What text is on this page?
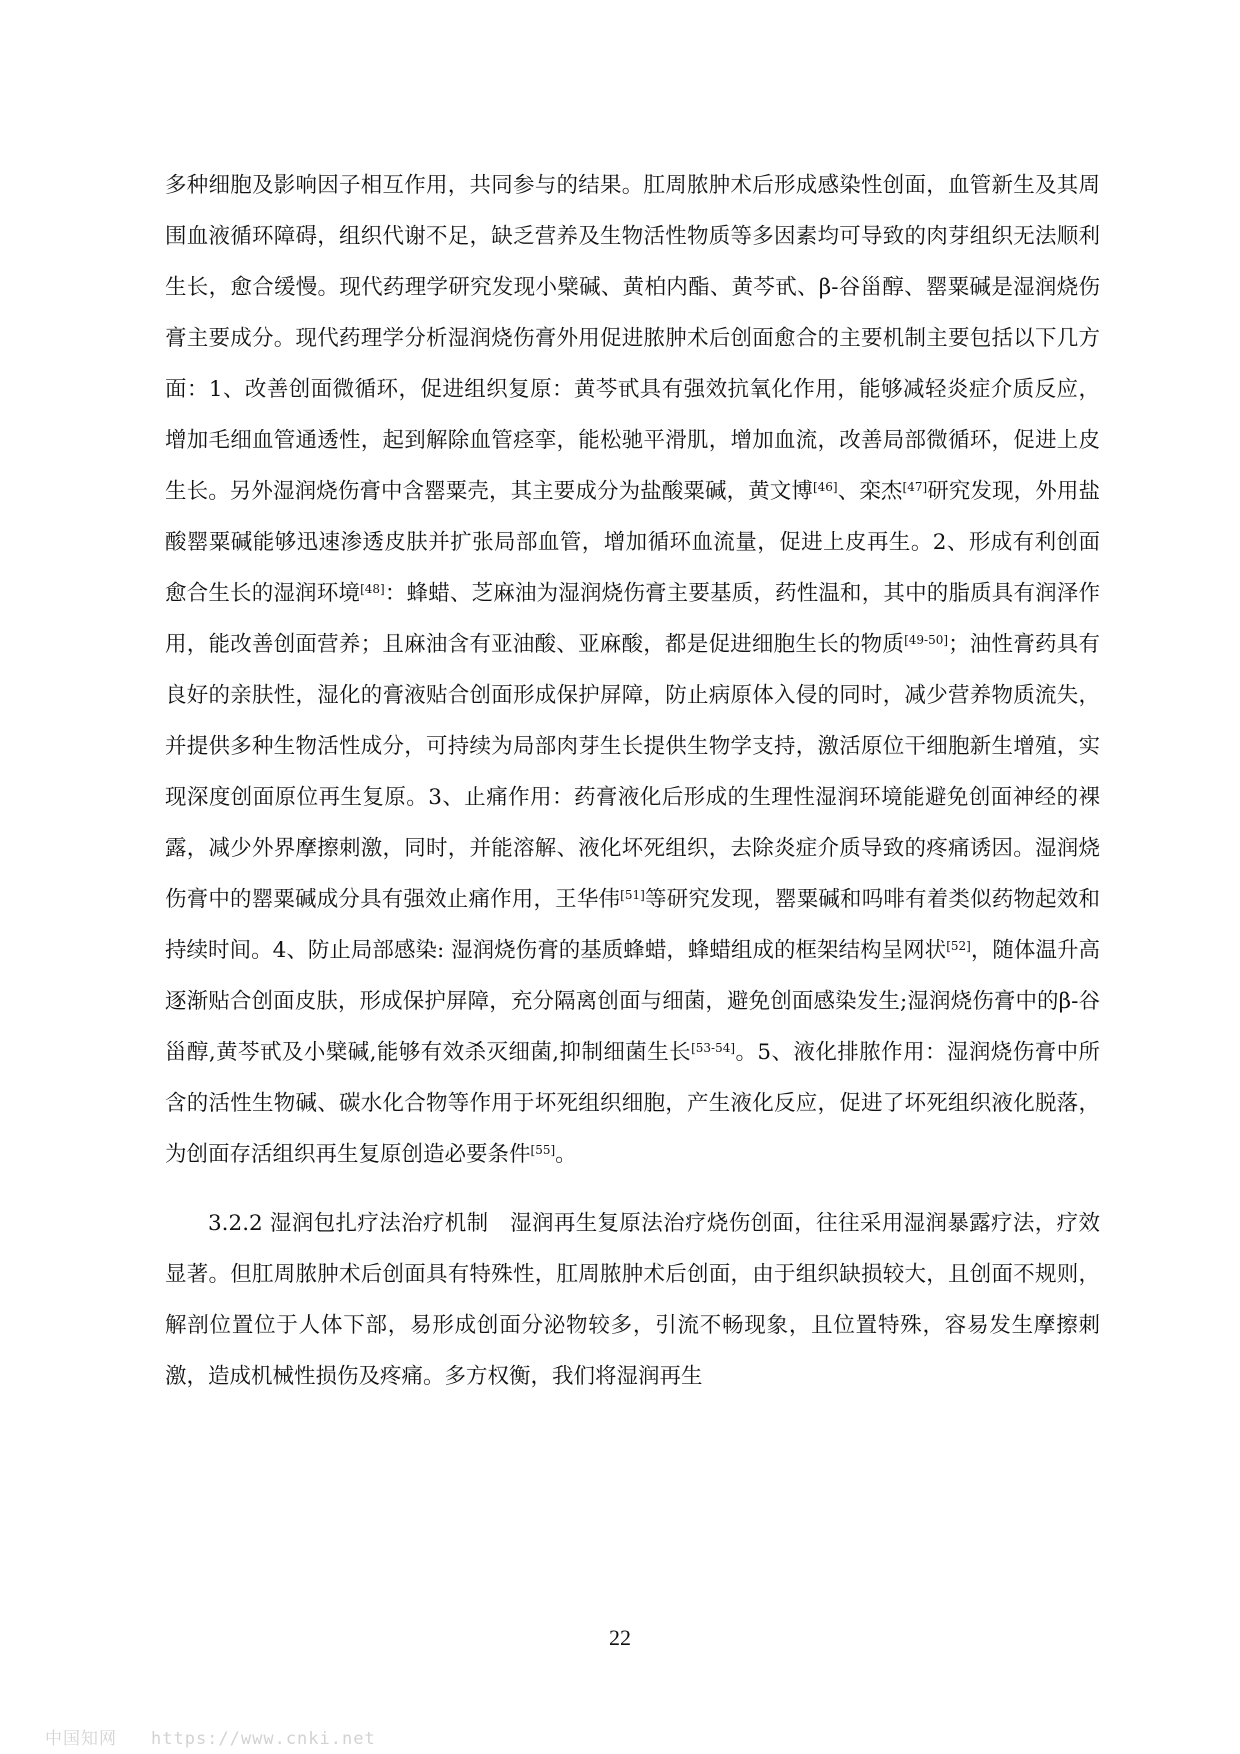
多种细胞及影响因子相互作用，共同参与的结果。肛周脓肿术后形成感染性创面，血管新生及其周围血液循环障碍，组织代谢不足，缺乏营养及生物活性物质等多因素均可导致的肉芽组织无法顺利生长，愈合缓慢。现代药理学研究发现小檗碱、黄柏内酯、黄芩甙、β-谷甾醇、罂粟碱是湿润烧伤膏主要成分。现代药理学分析湿润烧伤膏外用促进脓肿术后创面愈合的主要机制主要包括以下几方面：1、改善创面微循环，促进组织复原：黄芩甙具有强效抗氧化作用，能够减轻炎症介质反应，增加毛细血管通透性，起到解除血管痉挛，能松驰平滑肌，增加血流，改善局部微循环，促进上皮生长。另外湿润烧伤膏中含罂粟壳，其主要成分为盐酸粟碱，黄文博[46]、栾杰[47]研究发现，外用盐酸罂粟碱能够迅速渗透皮肤并扩张局部血管，增加循环血流量，促进上皮再生。2、形成有利创面愈合生长的湿润环境[48]：蜂蜡、芝麻油为湿润烧伤膏主要基质，药性温和，其中的脂质具有润泽作用，能改善创面营养；且麻油含有亚油酸、亚麻酸，都是促进细胞生长的物质[49-50]；油性膏药具有良好的亲肤性，湿化的膏液贴合创面形成保护屏障，防止病原体入侵的同时，减少营养物质流失，并提供多种生物活性成分，可持续为局部肉芽生长提供生物学支持，激活原位干细胞新生增殖，实现深度创面原位再生复原。3、止痛作用：药膏液化后形成的生理性湿润环境能避免创面神经的裸露，减少外界摩擦刺激，同时，并能溶解、液化坏死组织，去除炎症介质导致的疼痛诱因。湿润烧伤膏中的罂粟碱成分具有强效止痛作用，王华伟[51]等研究发现，罂粟碱和吗啡有着类似药物起效和持续时间。4、防止局部感染: 湿润烧伤膏的基质蜂蜡，蜂蜡组成的框架结构呈网状[52]，随体温升高逐渐贴合创面皮肤，形成保护屏障，充分隔离创面与细菌，避免创面感染发生;湿润烧伤膏中的β-谷甾醇,黄芩甙及小檗碱,能够有效杀灭细菌,抑制细菌生长[53-54]。5、液化排脓作用：湿润烧伤膏中所含的活性生物碱、碳水化合物等作用于坏死组织细胞，产生液化反应，促进了坏死组织液化脱落，为创面存活组织再生复原创造必要条件[55]。

3.2.2 湿润包扎疗法治疗机制 湿润再生复原法治疗烧伤创面，往往采用湿润暴露疗法，疗效显著。但肛周脓肿术后创面具有特殊性，肛周脓肿术后创面，由于组织缺损较大，且创面不规则，解剖位置位于人体下部，易形成创面分泌物较多，引流不畅现象，且位置特殊，容易发生摩擦刺激，造成机械性损伤及疼痛。多方权衡，我们将湿润再生

22
中国知网 https://www.cnki.net
